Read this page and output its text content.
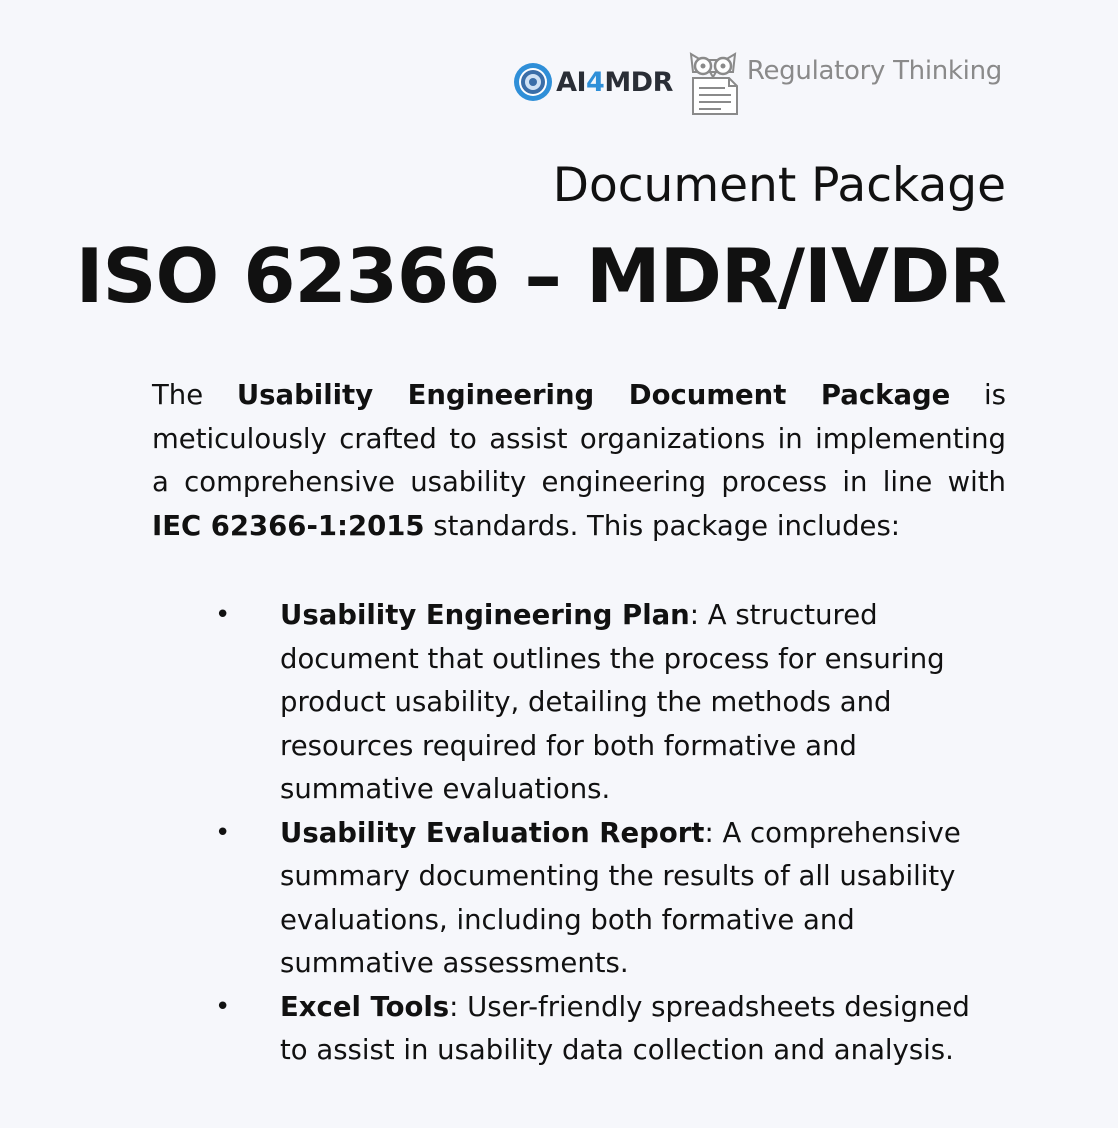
AI4MDR	Regulatory Thinking
Document Package
ISO 62366 – MDR/IVDR

The Usability Engineering Document Package is meticulously crafted to assist organizations in implementing a comprehensive usability engineering process in line with IEC 62366-1:2015 standards. This package includes:

• Usability Engineering Plan: A structured document that outlines the process for ensuring product usability, detailing the methods and resources required for both formative and summative evaluations.
• Usability Evaluation Report: A comprehensive summary documenting the results of all usability evaluations, including both formative and summative assessments.
• Excel Tools: User-friendly spreadsheets designed to assist in usability data collection and analysis.
